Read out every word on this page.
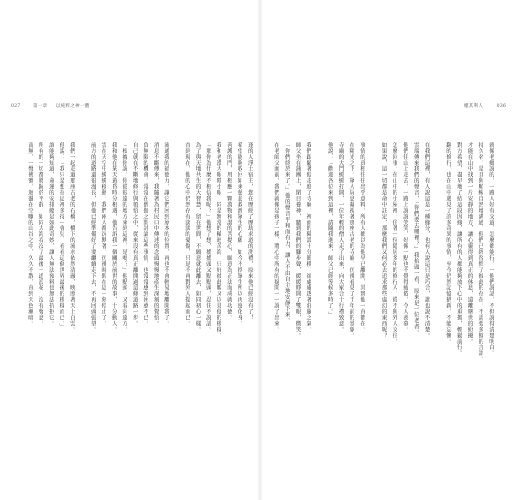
027	第一章 以純粹之神一體
逢的人淨土宿主，您在歷經了歷劫求道的洗禮，原來他已經沒有了！
希望能夠收回如來慈悲救渡眾生的心願，如今不捨眾生所以再度化身。
善護的門，用相應一顆萬物和諧的菩提心，願意為正法而成就功德。
我和老漢大眼睜小眼，同是無常的輪迴苦海，只好彼此瞭又以見他的模樣。
「那你為什麼不相信我呢？」他想了想，搖搖頭又點點頭，忍住不說話。
為了與天地共生的大智慧，留在世間，不願意就此離去，如同初心一樣。
直到現在，他的心中仍然存有淡淡的憂傷，只是不再對外人提起而已。
流通我的福德力，讓它們回到原本的位置，再也不會輕易地離開我了。
消息不斷傳來，我隨著為村民口中傳述的念頭慢慢地產生深刻的覺悟。
負無限的機會，常常在僧伽之間討論這些事情，也常常感到困惑不已。
自己就在不斷地修行與領悟之中，從來沒有真正離開過這條道路一步。
「根據你說，你從很遠的地方來到這裡，是嗎？」他點頭，又看向遠方。
我和他在某天黃昏時分相遇，他告訴我一個關於前世的故事，十分動人。
雲在天空中緩緩移動，我們兩人都沉默著，彷彿時間在這一刻停止了。
前方的道路還很漫長，但他已經準備好了要繼續走下去，不再回頭張望。
我們一起走過那座古老的石橋，橋下的流水依然清澈，映照著天上白雲。
他說：「我只是想在這裡多待一會兒，看看這個世界最後的模樣而已。」
誰能夠知道，命運的安排總是如此奇妙，讓人無法預料也無法抗拒它。
所有的一切都將歸於平靜，如同大海吞沒了最後一道浪花，沒有聲息。
南無，一聲佛號，迴盪在空曠的山谷之中，久久不散，直到天色漸暗。
權其利人	036
就像老鄉說的，一路人好有交道，怎麼都能行，一他們說話，不但說得清楚明白。
持久名，是且與順暢自然地溝通，他們已經習慣了彼此的存在，不需要多餘的言語。
才能在山中找到一片安靜的地方，讓心靈得到真正的休息，遠離塵世的紛擾。
對方希望，盡早地了結這段因緣，讓所有的人都能夠放下心中的重擔，輕鬆前行。
翻的修行，也在山中遇見了許多奇異的事情，至今仍然記憶猶新，不能忘懷。
在我們這裡，有人說這是一種緣分，也有人說這只是巧合，誰也說不清楚。
雲端傳來我們的聲音，「你們要去哪裡？」我抬頭一看，原來是一位老者。
他們往山上走去，一路上說說笑笑，好像一點也不覺得疲倦，令人羨慕。
怎麼回事，在山中的小屋裡，住著一位隱居多年的修行人，從不與外人交往。
如果說，這一切都是命中註定，那麼我們又何必去追求那些虛幻的東西呢？
事情的真相往往出乎意料，所有人都以為他早已離開，其實他一直都在。
在陽光之下，眾人屏息凝視著那座古老的寺廟，彷彿看見了千年前的景象。
寺廟的大門緩緩打開，一位年輕的僧人走了出來，向大家合十行禮致意。
他說：「歡迎各位來到這裡，請隨我進來，師父已經等候多時了。」
我們跟隨著他走進了寺廟，裡面的陳設十分簡樸，卻處處透著莊嚴之氣。
師父坐在蒲團上，閉目養神，聽到我們的腳步聲，緩緩睜開了雙眼，微笑。
「你們終於來了。」他的聲音平和而有力，讓人不由自主地安靜下來。
在老師父面前，我們就像是孩子一樣，將心中所有的疑問一一說了出來。
